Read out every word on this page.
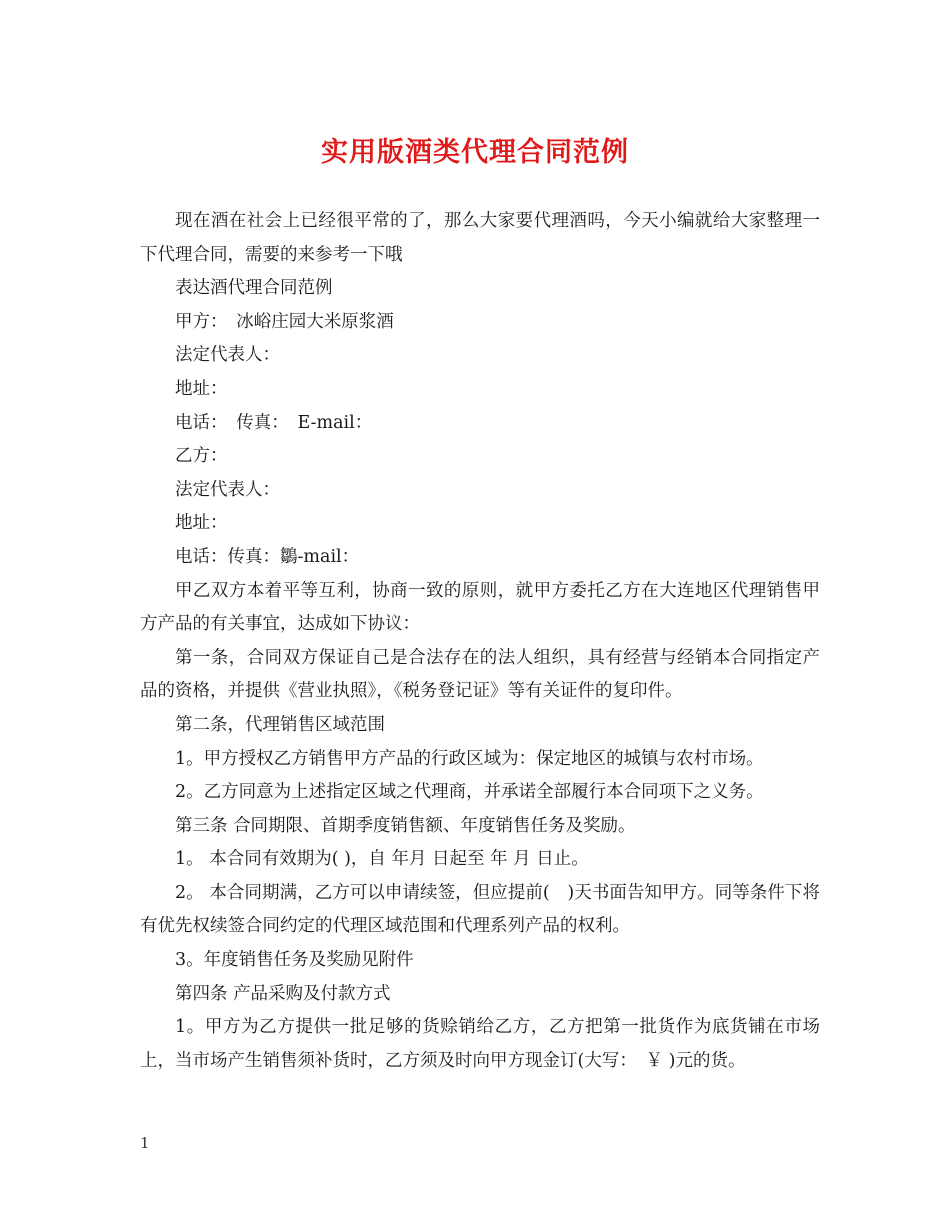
实用版酒类代理合同范例

现在酒在社会上已经很平常的了，那么大家要代理酒吗，今天小编就给大家整理一下代理合同，需要的来参考一下哦

表达酒代理合同范例

甲方：　冰峪庄园大米原浆酒

法定代表人：

地址：

电话：　传真：　E-mail：

乙方：

法定代表人：

地址：

电话：传真：鶵-mail：

甲乙双方本着平等互利，协商一致的原则，就甲方委托乙方在大连地区代理销售甲方产品的有关事宜，达成如下协议：

第一条，合同双方保证自己是合法存在的法人组织，具有经营与经销本合同指定产品的资格，并提供《营业执照》，《税务登记证》等有关证件的复印件。

第二条，代理销售区域范围

1。甲方授权乙方销售甲方产品的行政区域为：保定地区的城镇与农村市场。

2。乙方同意为上述指定区域之代理商，并承诺全部履行本合同项下之义务。

第三条 合同期限、首期季度销售额、年度销售任务及奖励。

1。 本合同有效期为( )，自 年月 日起至 年 月 日止。

2。 本合同期满，乙方可以申请续签，但应提前(　)天书面告知甲方。同等条件下将有优先权续签合同约定的代理区域范围和代理系列产品的权利。

3。年度销售任务及奖励见附件

第四条 产品采购及付款方式

1。甲方为乙方提供一批足够的货赊销给乙方，乙方把第一批货作为底货铺在市场上，当市场产生销售须补货时，乙方须及时向甲方现金订(大写：　￥ )元的货。

1
